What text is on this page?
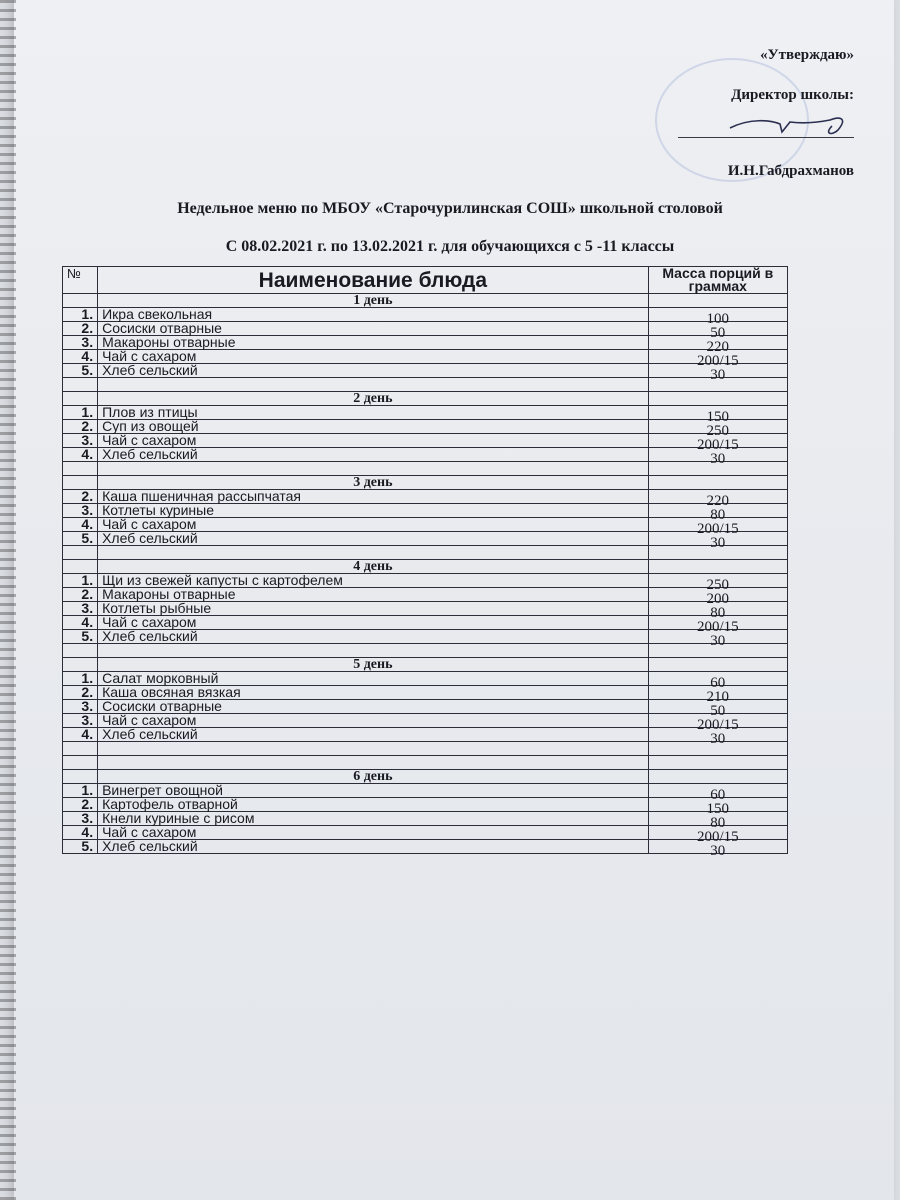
«Утверждаю»
Директор школы:
И.Н.Габдрахманов
Недельное меню по МБОУ «Старочурилинская СОШ» школьной столовой
С 08.02.2021 г. по 13.02.2021 г. для обучающихся с 5 -11 классы
№	Наименование блюда	Масса порций в граммах
	1 день	
1.	Икра свекольная	100

2.	Сосиски отварные	50

3.	Макароны отварные	220

4.	Чай с сахаром	200/15

5.	Хлеб сельский	30

	2 день	
1.	Плов из птицы	150

2.	Суп из овощей	250

3.	Чай с сахаром	200/15

4.	Хлеб сельский	30

	3 день	
2.	Каша пшеничная рассыпчатая	220

3.	Котлеты куриные	80

4.	Чай с сахаром	200/15

5.	Хлеб сельский	30

	4 день	
1.	Щи из свежей капусты с картофелем	250

2.	Макароны отварные	200

3.	Котлеты рыбные	80

4.	Чай с сахаром	200/15

5.	Хлеб сельский	30

	5 день	
1.	Салат морковный	60

2.	Каша овсяная вязкая	210

3.	Сосиски отварные	50

3.	Чай с сахаром	200/15

4.	Хлеб сельский	30

	6 день	
1.	Винегрет овощной	60

2.	Картофель отварной	150

3.	Кнели куриные с рисом	80

4.	Чай с сахаром	200/15

5.	Хлеб сельский	30
